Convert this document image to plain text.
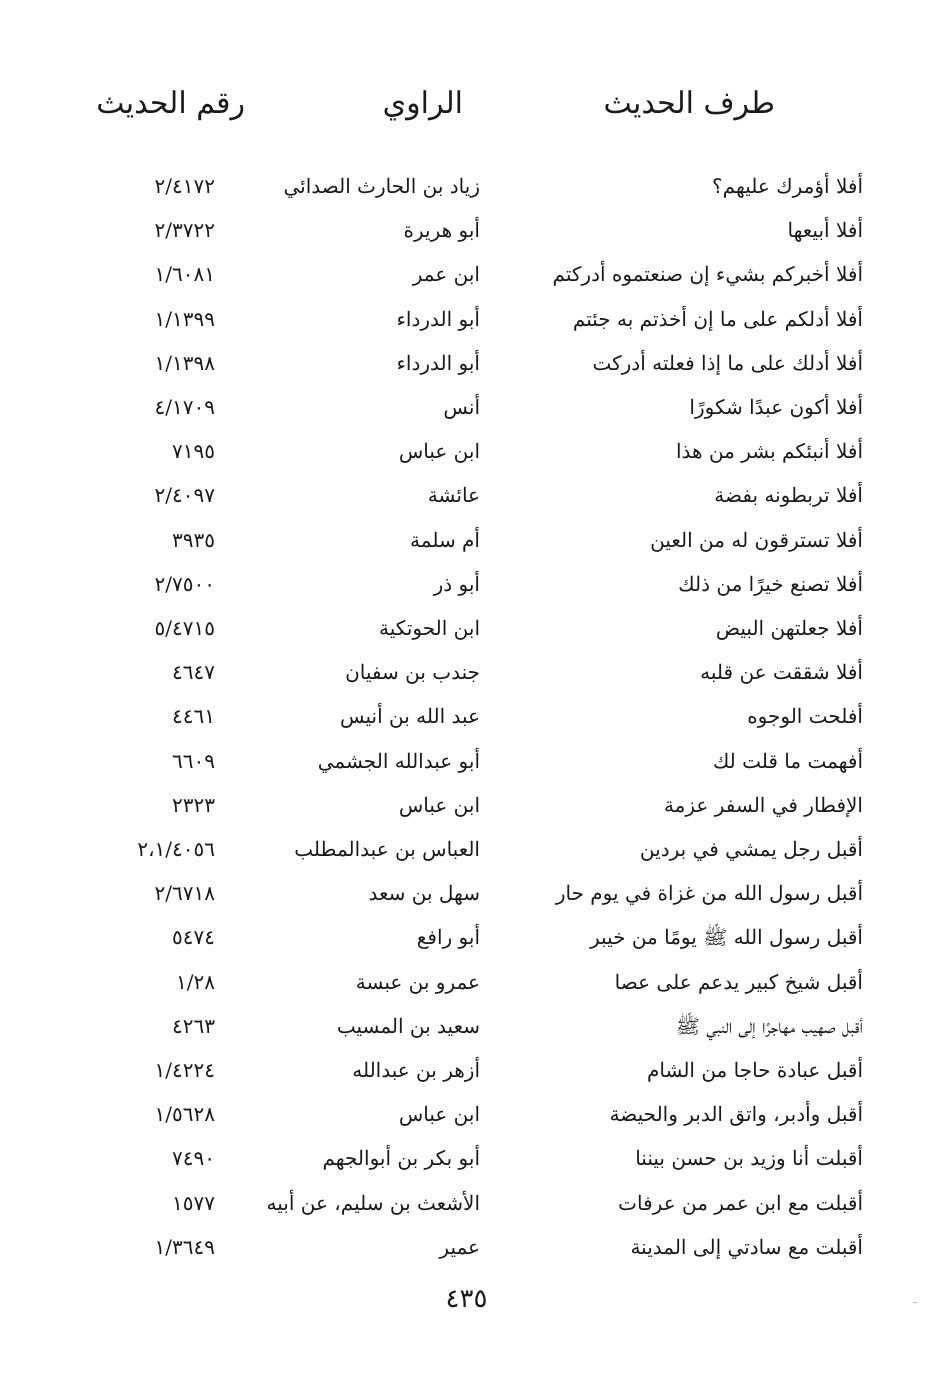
طرف الحديث
الراوي
رقم الحديث
أفلا أؤمرك عليهم؟
زياد بن الحارث الصدائي
٢/٤١٧٢
أفلا أبيعها
أبو هريرة
٢/٣٧٢٢
أفلا أخبركم بشيء إن صنعتموه أدركتم
ابن عمر
١/٦٠٨١
أفلا أدلكم على ما إن أخذتم به جئتم
أبو الدرداء
١/١٣٩٩
أفلا أدلك على ما إذا فعلته أدركت
أبو الدرداء
١/١٣٩٨
أفلا أكون عبدًا شكورًا
أنس
٤/١٧٠٩
أفلا أنبئكم بشر من هذا
ابن عباس
٧١٩٥
أفلا تربطونه بفضة
عائشة
٢/٤٠٩٧
أفلا تسترقون له من العين
أم سلمة
٣٩٣٥
أفلا تصنع خيرًا من ذلك
أبو ذر
٢/٧٥٠٠
أفلا جعلتهن البيض
ابن الحوتكية
٥/٤٧١٥
أفلا شققت عن قلبه
جندب بن سفيان
٤٦٤٧
أفلحت الوجوه
عبد الله بن أنيس
٤٤٦١
أفهمت ما قلت لك
أبو عبدالله الجشمي
٦٦٠٩
الإفطار في السفر عزمة
ابن عباس
٢٣٢٣
أقبل رجل يمشي في بردين
العباس بن عبدالمطلب
٢،١/٤٠٥٦
أقبل رسول الله من غزاة في يوم حار
سهل بن سعد
٢/٦٧١٨
أقبل رسول الله ﷺ يومًا من خيبر
أبو رافع
٥٤٧٤
أقبل شيخ كبير يدعم على عصا
عمرو بن عبسة
١/٢٨
أقبل صهيب مهاجرًا إلى النبي ﷺ
سعيد بن المسيب
٤٢٦٣
أقبل عبادة حاجا من الشام
أزهر بن عبدالله
١/٤٢٢٤
أقبل وأدبر، واتق الدبر والحيضة
ابن عباس
١/٥٦٢٨
أقبلت أنا وزيد بن حسن بيننا
أبو بكر بن أبوالجهم
٧٤٩٠
أقبلت مع ابن عمر من عرفات
الأشعث بن سليم، عن أبيه
١٥٧٧
أقبلت مع سادتي إلى المدينة
عمير
١/٣٦٤٩
٤٣٥
